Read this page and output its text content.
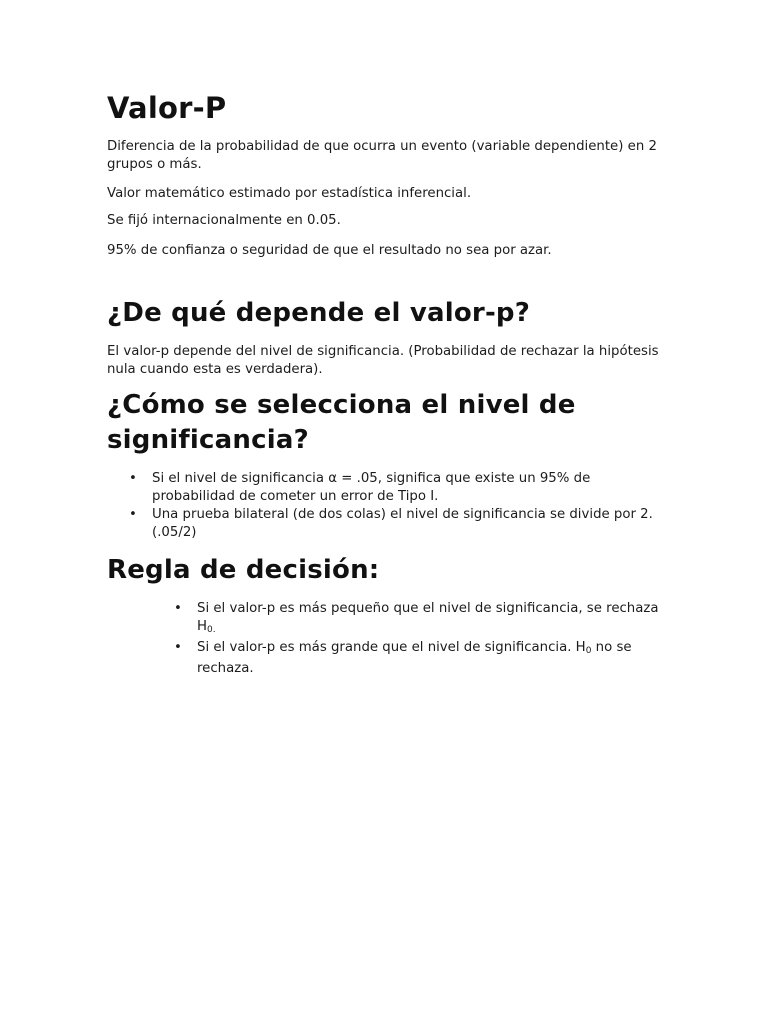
Valor-P

Diferencia de la probabilidad de que ocurra un evento (variable dependiente) en 2 grupos o más.

Valor matemático estimado por estadística inferencial.

Se fijó internacionalmente en 0.05.

95% de confianza o seguridad de que el resultado no sea por azar.

¿De qué depende el valor-p?

El valor-p depende del nivel de significancia. (Probabilidad de rechazar la hipótesis nula cuando esta es verdadera).

¿Cómo se selecciona el nivel de significancia?
• Si el nivel de significancia α = .05, significa que existe un 95% de probabilidad de cometer un error de Tipo I.
• Una prueba bilateral (de dos colas) el nivel de significancia se divide por 2. (.05/2)
Regla de decisión:
• Si el valor-p es más pequeño que el nivel de significancia, se rechaza $H_{0.}$
• Si el valor-p es más grande que el nivel de significancia. $H_0$ no se rechaza.
